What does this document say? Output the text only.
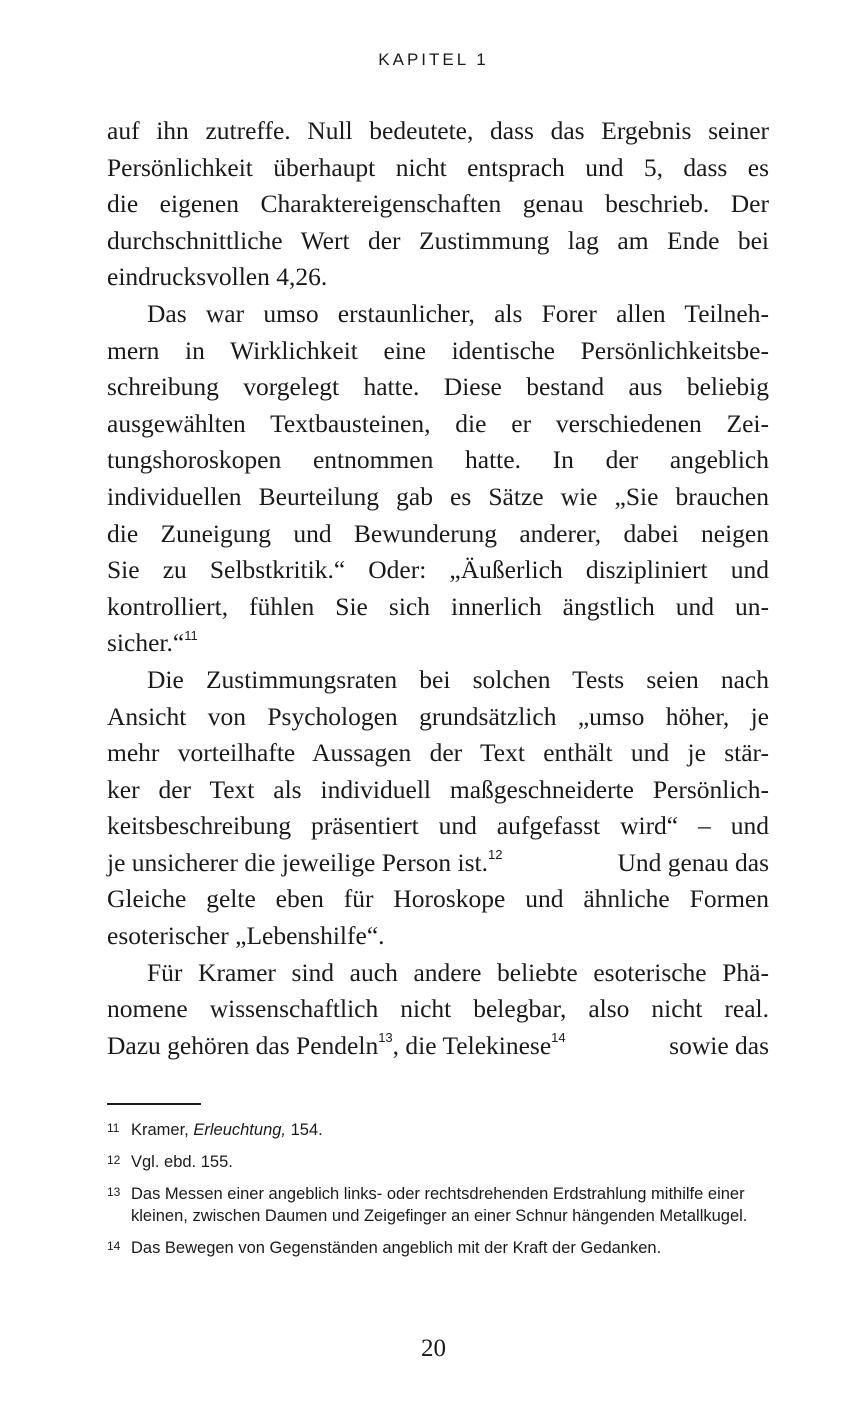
KAPITEL 1

auf ihn zutreffe. Null bedeutete, dass das Ergebnis seiner
Persönlichkeit überhaupt nicht entsprach und 5, dass es
die eigenen Charaktereigenschaften genau beschrieb. Der
durchschnittliche Wert der Zustimmung lag am Ende bei
eindrucksvollen 4,26.

Das war umso erstaunlicher, als Forer allen Teilneh-
mern in Wirklichkeit eine identische Persönlichkeitsbe-
schreibung vorgelegt hatte. Diese bestand aus beliebig
ausgewählten Textbausteinen, die er verschiedenen Zei-
tungshoroskopen entnommen hatte. In der angeblich
individuellen Beurteilung gab es Sätze wie „Sie brauchen
die Zuneigung und Bewunderung anderer, dabei neigen
Sie zu Selbstkritik.“ Oder: „Äußerlich diszipliniert und
kontrolliert, fühlen Sie sich innerlich ängstlich und un-
sicher.“$^{11}$

Die Zustimmungsraten bei solchen Tests seien nach
Ansicht von Psychologen grundsätzlich „umso höher, je
mehr vorteilhafte Aussagen der Text enthält und je stär-
ker der Text als individuell maßgeschneiderte Persönlich-
keitsbeschreibung präsentiert und aufgefasst wird“ – und
je unsicherer die jeweilige Person ist.$^{12}$	Und genau das
Gleiche gelte eben für Horoskope und ähnliche Formen
esoterischer „Lebenshilfe“.

Für Kramer sind auch andere beliebte esoterische Phä-
nomene wissenschaftlich nicht belegbar, also nicht real.
Dazu gehören das Pendeln$^{13}$, die Telekinese$^{14}$	sowie das

11 Kramer, Erleuchtung, 154.
12 Vgl. ebd. 155.
13 Das Messen einer angeblich links- oder rechtsdrehenden Erdstrahlung mithilfe einer kleinen, zwischen Daumen und Zeigefinger an einer Schnur hängenden Metallkugel.
14 Das Bewegen von Gegenständen angeblich mit der Kraft der Gedanken.
20
